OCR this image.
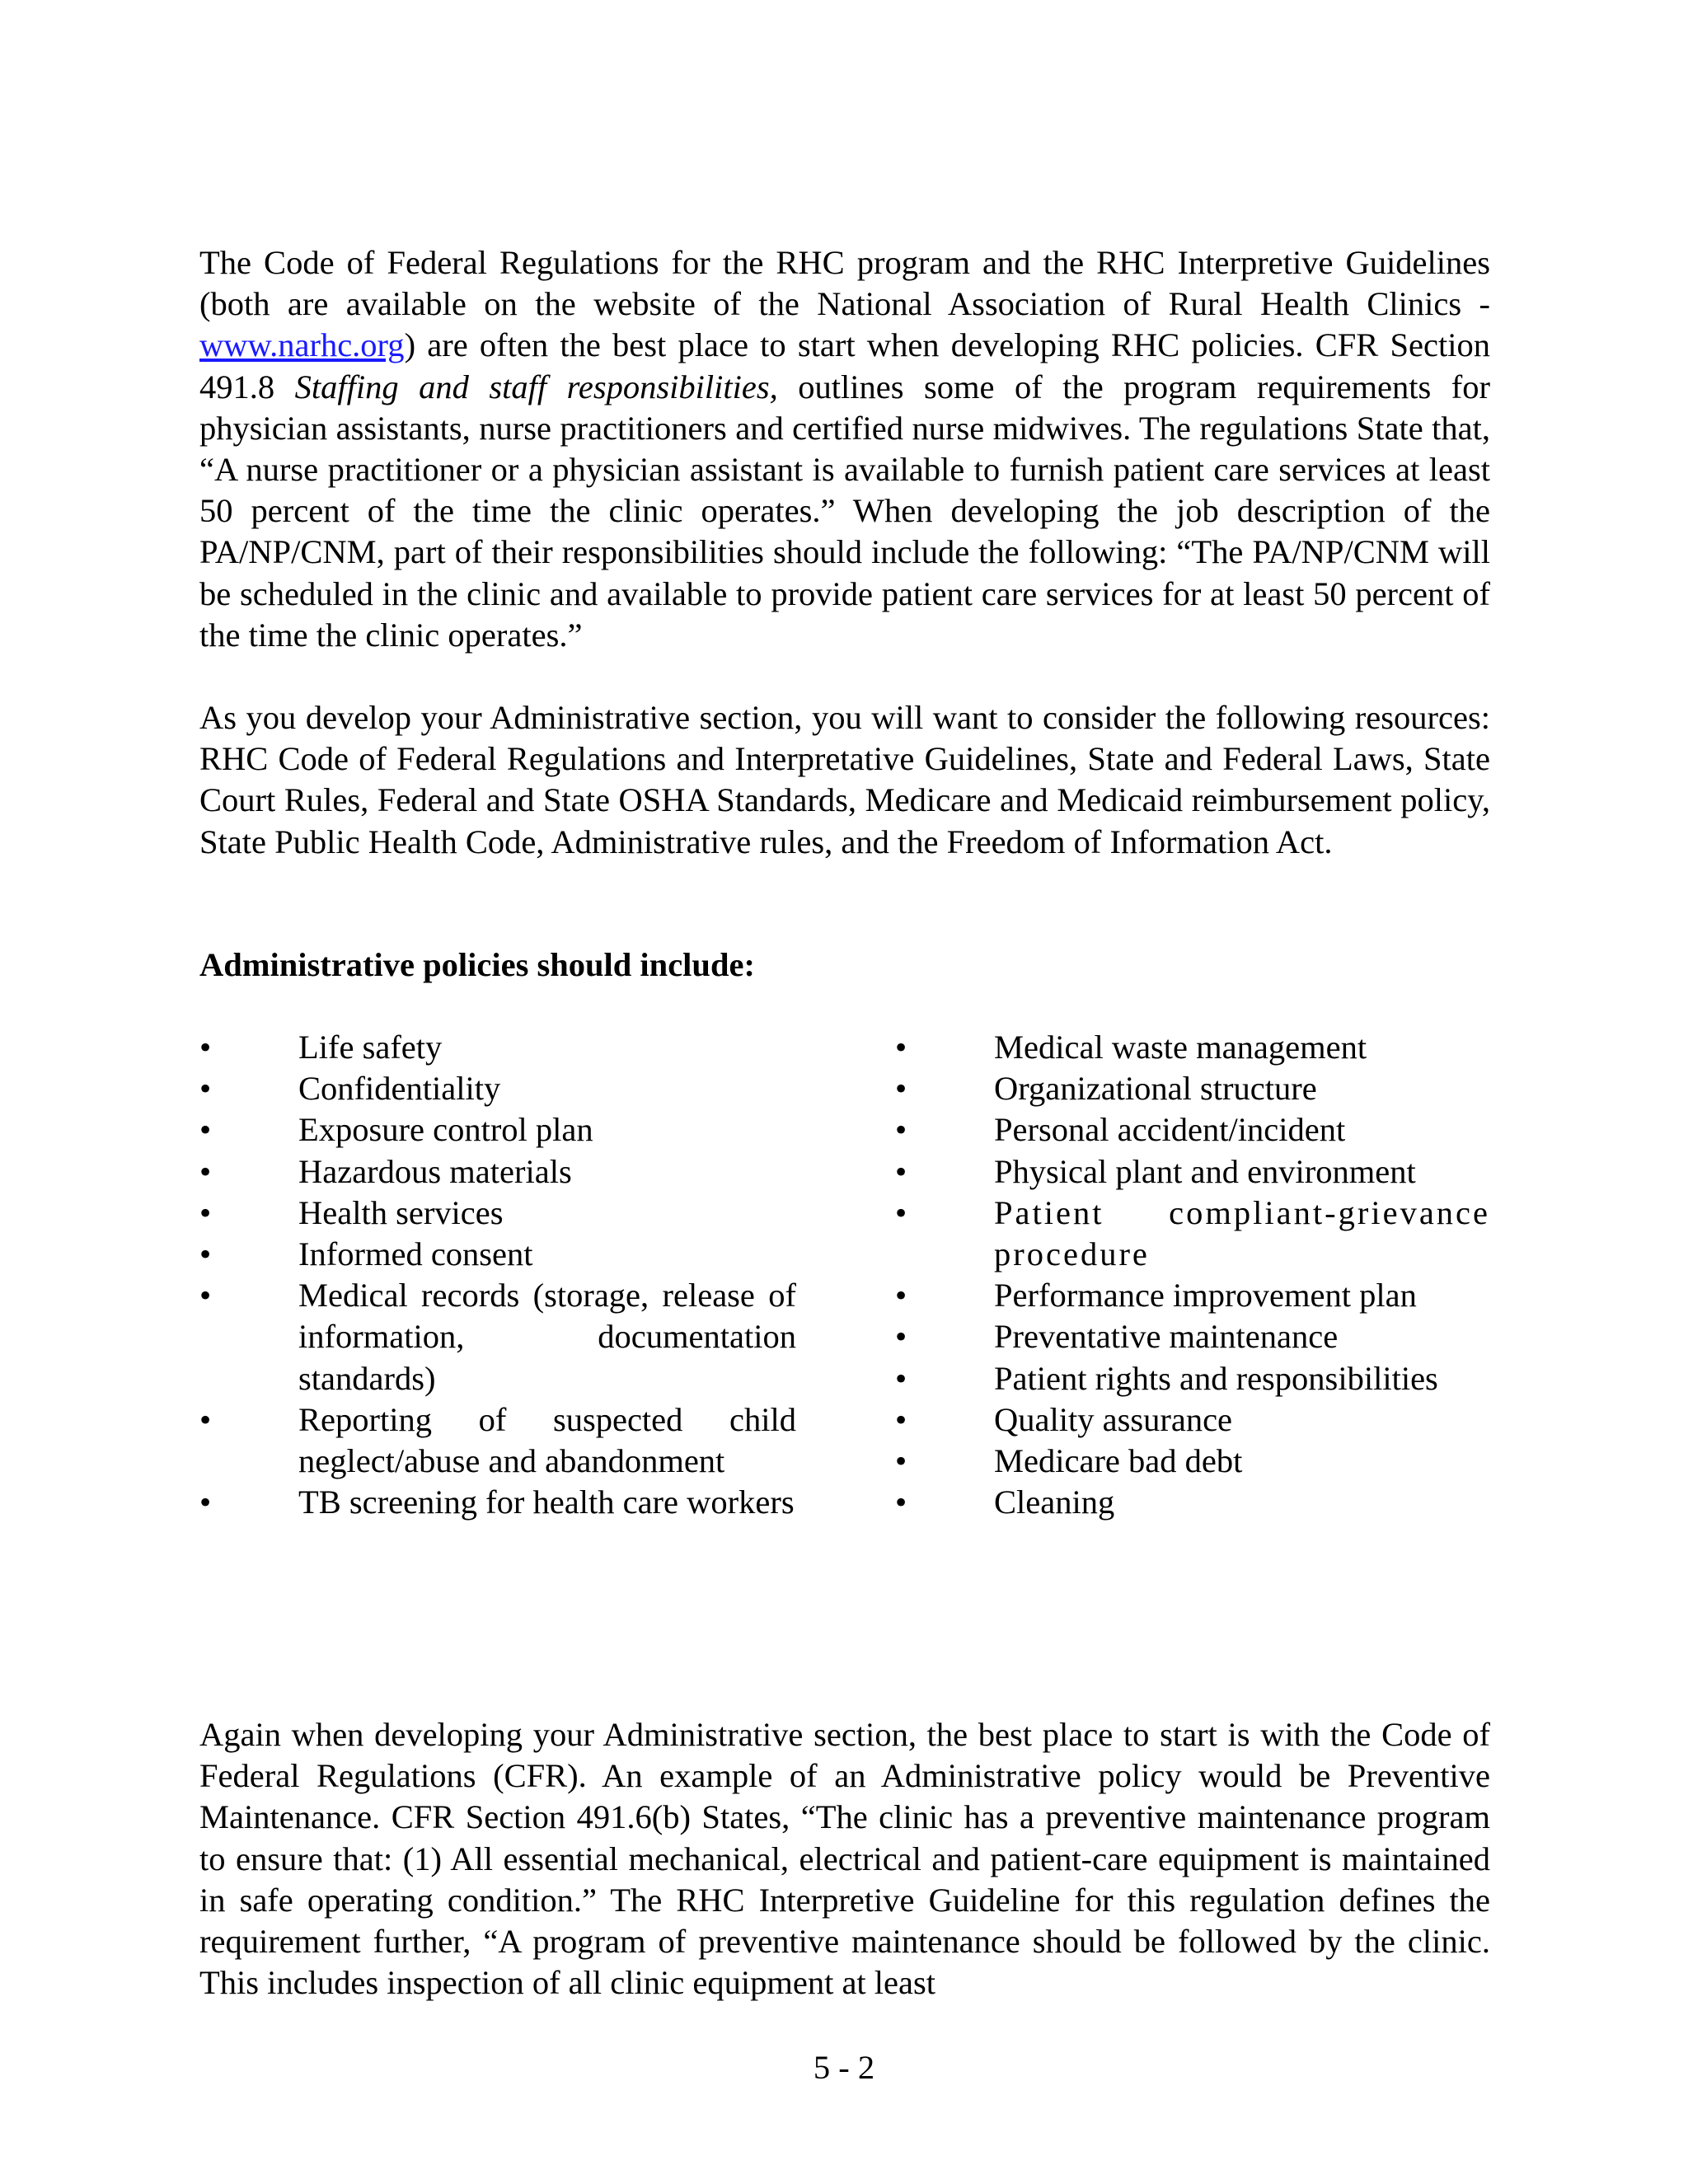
The Code of Federal Regulations for the RHC program and the RHC Interpretive Guidelines (both are available on the website of the National Association of Rural Health Clinics - www.narhc.org) are often the best place to start when developing RHC policies. CFR Section 491.8 Staffing and staff responsibilities, outlines some of the program requirements for physician assistants, nurse practitioners and certified nurse midwives. The regulations State that, “A nurse practitioner or a physician assistant is available to furnish patient care services at least 50 percent of the time the clinic operates.” When developing the job description of the PA/NP/CNM, part of their responsibilities should include the following: “The PA/NP/CNM will be scheduled in the clinic and available to provide patient care services for at least 50 percent of the time the clinic operates.”

As you develop your Administrative section, you will want to consider the following resources: RHC Code of Federal Regulations and Interpretative Guidelines, State and Federal Laws, State Court Rules, Federal and State OSHA Standards, Medicare and Medicaid reimbursement policy, State Public Health Code, Administrative rules, and the Freedom of Information Act.

Administrative policies should include:

•	Life safety
•	Confidentiality
•	Exposure control plan
•	Hazardous materials
•	Health services
•	Informed consent
•	Medical records (storage, release of information, documentation standards)
•	Reporting of suspected child neglect/abuse and abandonment
•	TB screening for health care workers
•	Medical waste management
•	Organizational structure
•	Personal accident/incident
•	Physical plant and environment
•	Patient compliant-grievance procedure
•	Performance improvement plan
•	Preventative maintenance
•	Patient rights and responsibilities
•	Quality assurance
•	Medicare bad debt
•	Cleaning

Again when developing your Administrative section, the best place to start is with the Code of Federal Regulations (CFR). An example of an Administrative policy would be Preventive Maintenance. CFR Section 491.6(b) States, “The clinic has a preventive maintenance program to ensure that: (1) All essential mechanical, electrical and patient-care equipment is maintained in safe operating condition.” The RHC Interpretive Guideline for this regulation defines the requirement further, “A program of preventive maintenance should be followed by the clinic. This includes inspection of all clinic equipment at least

5 - 2
